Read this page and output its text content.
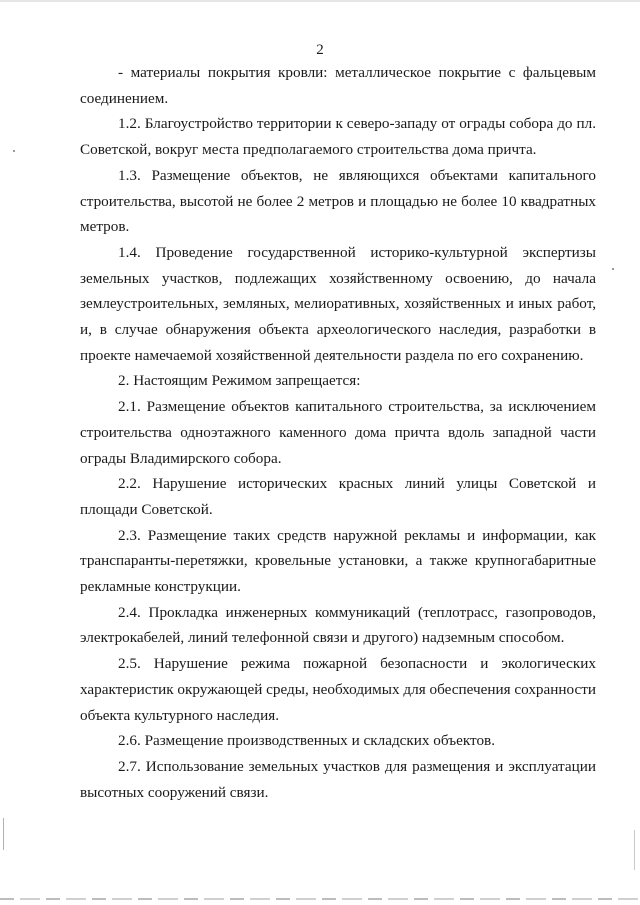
2

- материалы покрытия кровли: металлическое покрытие с фальцевым соединением.

1.2. Благоустройство территории к северо-западу от ограды собора до пл. Советской, вокруг места предполагаемого строительства дома причта.

1.3. Размещение объектов, не являющихся объектами капитального строительства, высотой не более 2 метров и площадью не более 10 квадратных метров.

1.4. Проведение государственной историко-культурной экспертизы земельных участков, подлежащих хозяйственному освоению, до начала землеустроительных, земляных, мелиоративных, хозяйственных и иных работ, и, в случае обнаружения объекта археологического наследия, разработки в проекте намечаемой хозяйственной деятельности раздела по его сохранению.

2. Настоящим Режимом запрещается:

2.1. Размещение объектов капитального строительства, за исключением строительства одноэтажного каменного дома причта вдоль западной части ограды Владимирского собора.

2.2. Нарушение исторических красных линий улицы Советской и площади Советской.

2.3. Размещение таких средств наружной рекламы и информации, как транспаранты-перетяжки, кровельные установки, а также крупногабаритные рекламные конструкции.

2.4. Прокладка инженерных коммуникаций (теплотрасс, газопроводов, электрокабелей, линий телефонной связи и другого) надземным способом.

2.5. Нарушение режима пожарной безопасности и экологических характеристик окружающей среды, необходимых для обеспечения сохранности объекта культурного наследия.

2.6. Размещение производственных и складских объектов.

2.7. Использование земельных участков для размещения и эксплуатации высотных сооружений связи.
